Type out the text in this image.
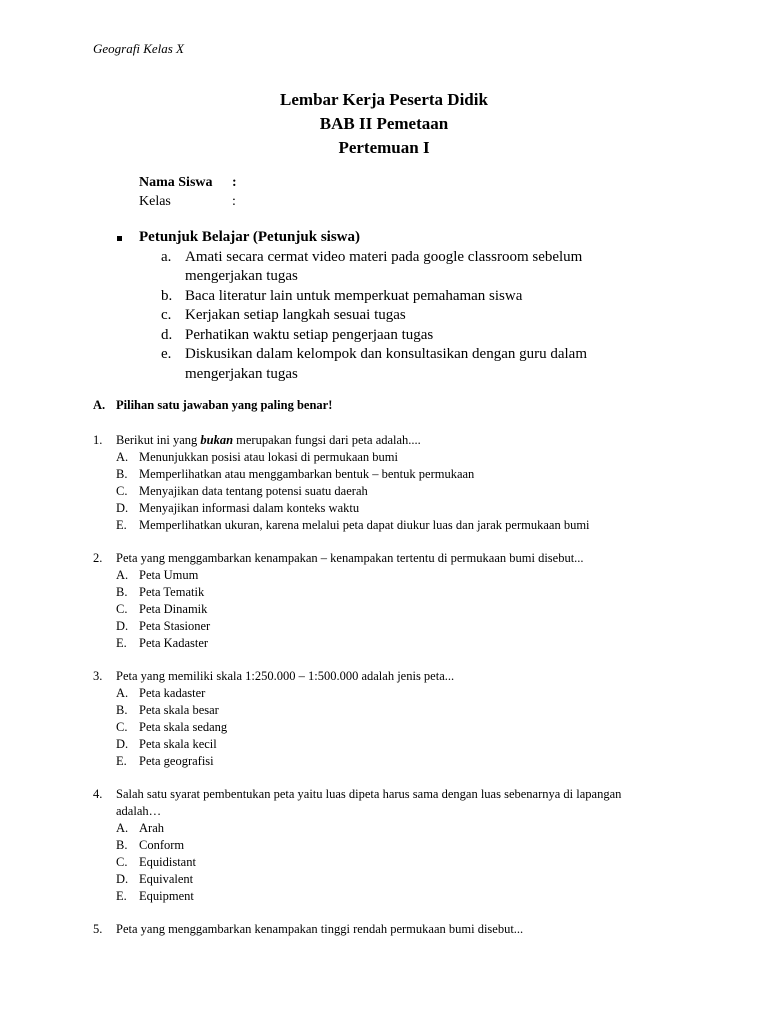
Geografi Kelas X
Lembar Kerja Peserta Didik
BAB II Pemetaan
Pertemuan I
Nama Siswa	:
Kelas	:
Petunjuk Belajar (Petunjuk siswa)
a. Amati secara cermat video materi pada google classroom sebelum mengerjakan tugas
b. Baca literatur lain untuk memperkuat pemahaman siswa
c. Kerjakan setiap langkah sesuai tugas
d. Perhatikan waktu setiap pengerjaan tugas
e. Diskusikan dalam kelompok dan konsultasikan dengan guru dalam mengerjakan tugas
A. Pilihan satu jawaban yang paling benar!
1.	Berikut ini yang bukan merupakan fungsi dari peta adalah....
A. Menunjukkan posisi atau lokasi di permukaan bumi
B. Memperlihatkan atau menggambarkan bentuk – bentuk permukaan
C. Menyajikan data tentang potensi suatu daerah
D. Menyajikan informasi dalam konteks waktu
E. Memperlihatkan ukuran, karena melalui peta dapat diukur luas dan jarak permukaan bumi
2.	Peta yang menggambarkan kenampakan – kenampakan tertentu di permukaan bumi disebut...
A. Peta Umum
B. Peta Tematik
C. Peta Dinamik
D. Peta Stasioner
E. Peta Kadaster
3.	Peta yang memiliki skala 1:250.000 – 1:500.000 adalah jenis peta...
A. Peta kadaster
B. Peta skala besar
C. Peta skala sedang
D. Peta skala kecil
E. Peta geografisi
4.	Salah satu syarat pembentukan peta yaitu luas dipeta harus sama dengan luas sebenarnya di lapangan adalah…
A. Arah
B. Conform
C. Equidistant
D. Equivalent
E. Equipment
5.	Peta yang menggambarkan kenampakan tinggi rendah permukaan bumi disebut...
